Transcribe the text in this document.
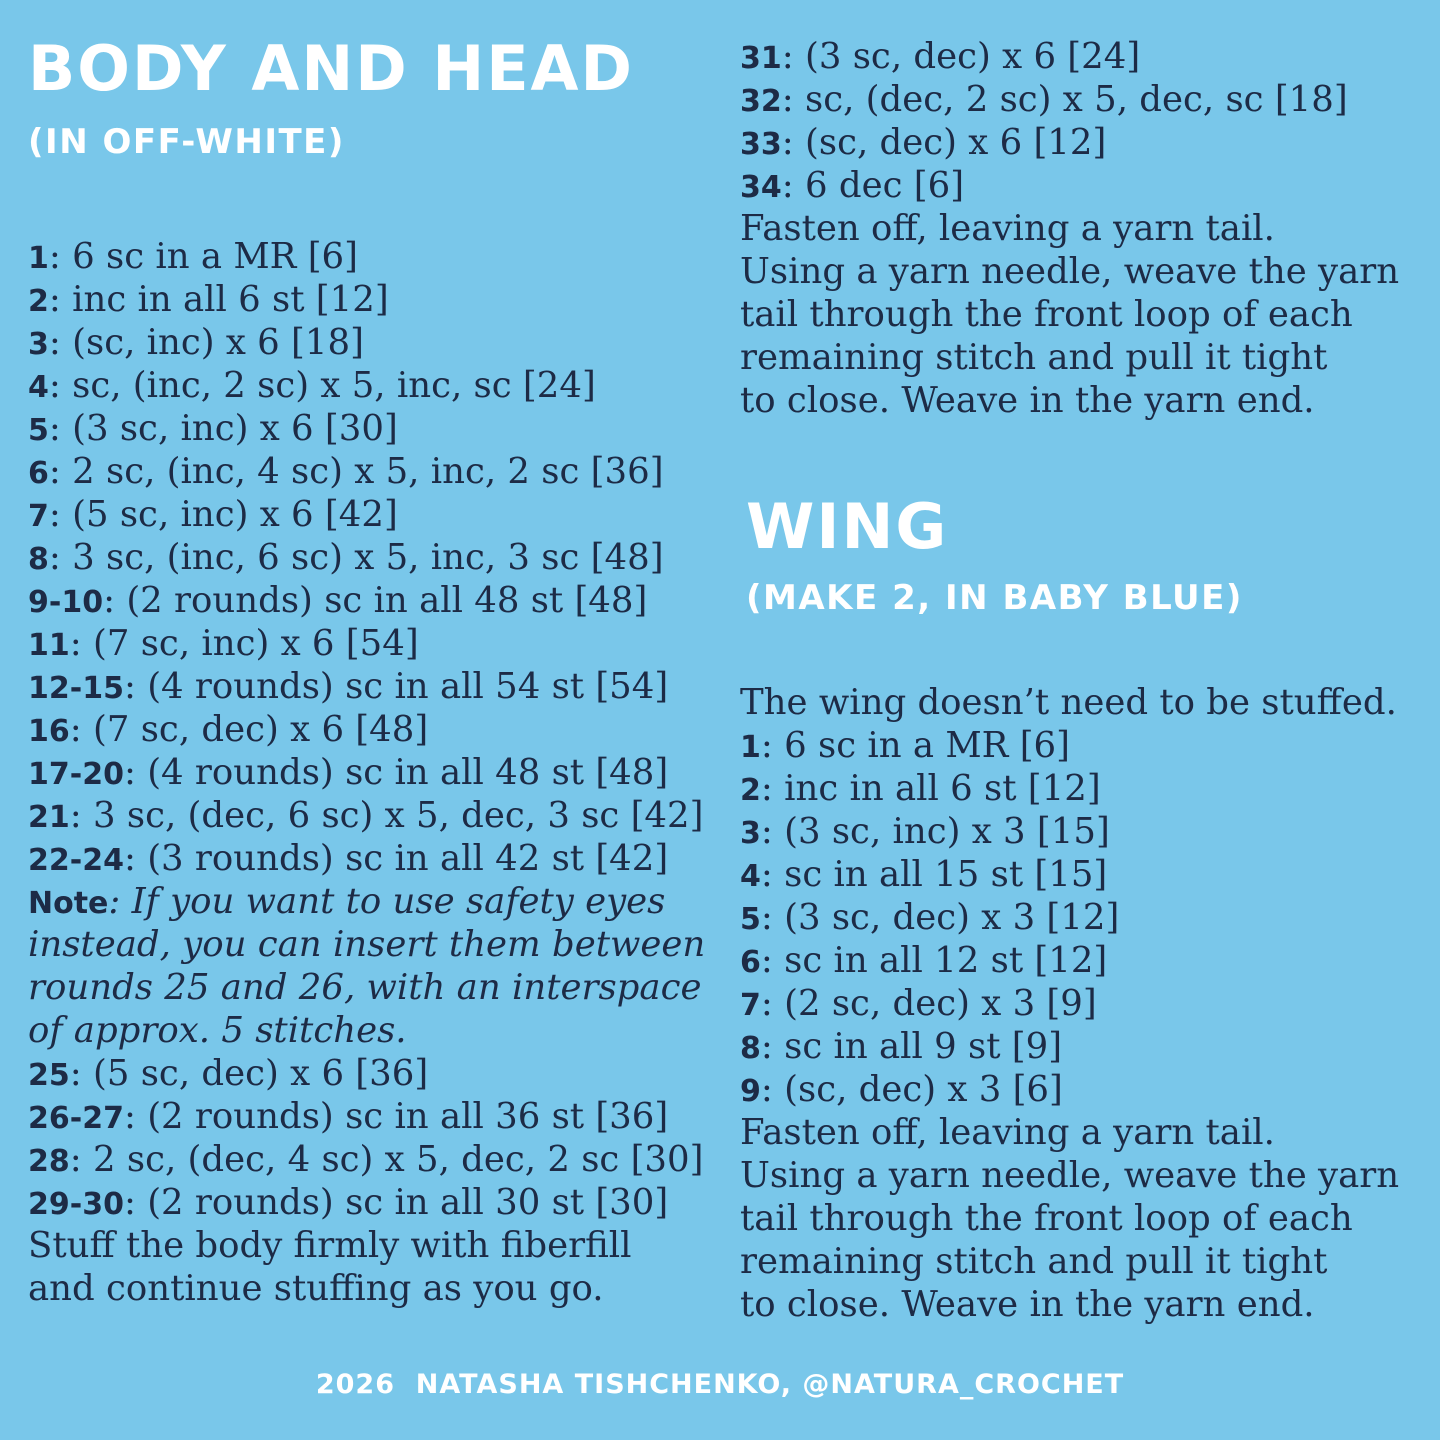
BODY AND HEAD
(IN OFF-WHITE)
1: 6 sc in a MR [6]
2: inc in all 6 st [12]
3: (sc, inc) x 6 [18]
4: sc, (inc, 2 sc) x 5, inc, sc [24]
5: (3 sc, inc) x 6 [30]
6: 2 sc, (inc, 4 sc) x 5, inc, 2 sc [36]
7: (5 sc, inc) x 6 [42]
8: 3 sc, (inc, 6 sc) x 5, inc, 3 sc [48]
9-10: (2 rounds) sc in all 48 st [48]
11: (7 sc, inc) x 6 [54]
12-15: (4 rounds) sc in all 54 st [54]
16: (7 sc, dec) x 6 [48]
17-20: (4 rounds) sc in all 48 st [48]
21: 3 sc, (dec, 6 sc) x 5, dec, 3 sc [42]
22-24: (3 rounds) sc in all 42 st [42]
Note: If you want to use safety eyes
instead, you can insert them between
rounds 25 and 26, with an interspace
of approx. 5 stitches.
25: (5 sc, dec) x 6 [36]
26-27: (2 rounds) sc in all 36 st [36]
28: 2 sc, (dec, 4 sc) x 5, dec, 2 sc [30]
29-30: (2 rounds) sc in all 30 st [30]
Stuff the body firmly with fiberfill
and continue stuffing as you go.
31: (3 sc, dec) x 6 [24]
32: sc, (dec, 2 sc) x 5, dec, sc [18]
33: (sc, dec) x 6 [12]
34: 6 dec [6]
Fasten off, leaving a yarn tail.
Using a yarn needle, weave the yarn
tail through the front loop of each
remaining stitch and pull it tight
to close. Weave in the yarn end.
WING
(MAKE 2, IN BABY BLUE)
The wing doesn’t need to be stuffed.
1: 6 sc in a MR [6]
2: inc in all 6 st [12]
3: (3 sc, inc) x 3 [15]
4: sc in all 15 st [15]
5: (3 sc, dec) x 3 [12]
6: sc in all 12 st [12]
7: (2 sc, dec) x 3 [9]
8: sc in all 9 st [9]
9: (sc, dec) x 3 [6]
Fasten off, leaving a yarn tail.
Using a yarn needle, weave the yarn
tail through the front loop of each
remaining stitch and pull it tight
to close. Weave in the yarn end.
2026  NATASHA TISHCHENKO, @NATURA_CROCHET
